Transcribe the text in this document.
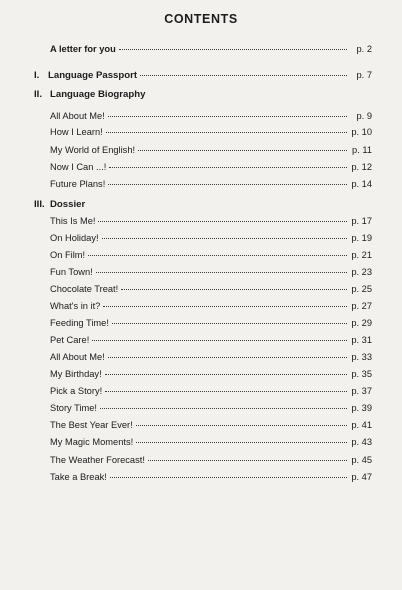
CONTENTS
A letter for you	p. 2
I. Language Passport	p. 7
II. Language Biography
All About Me!	p. 9
How I Learn!	p. 10
My World of English!	p. 11
Now I Can ...!	p. 12
Future Plans!	p. 14
III. Dossier
This Is Me!	p. 17
On Holiday!	p. 19
On Film!	p. 21
Fun Town!	p. 23
Chocolate Treat!	p. 25
What's in it?	p. 27
Feeding Time!	p. 29
Pet Care!	p. 31
All About Me!	p. 33
My Birthday!	p. 35
Pick a Story!	p. 37
Story Time!	p. 39
The Best Year Ever!	p. 41
My Magic Moments!	p. 43
The Weather Forecast!	p. 45
Take a Break!	p. 47
